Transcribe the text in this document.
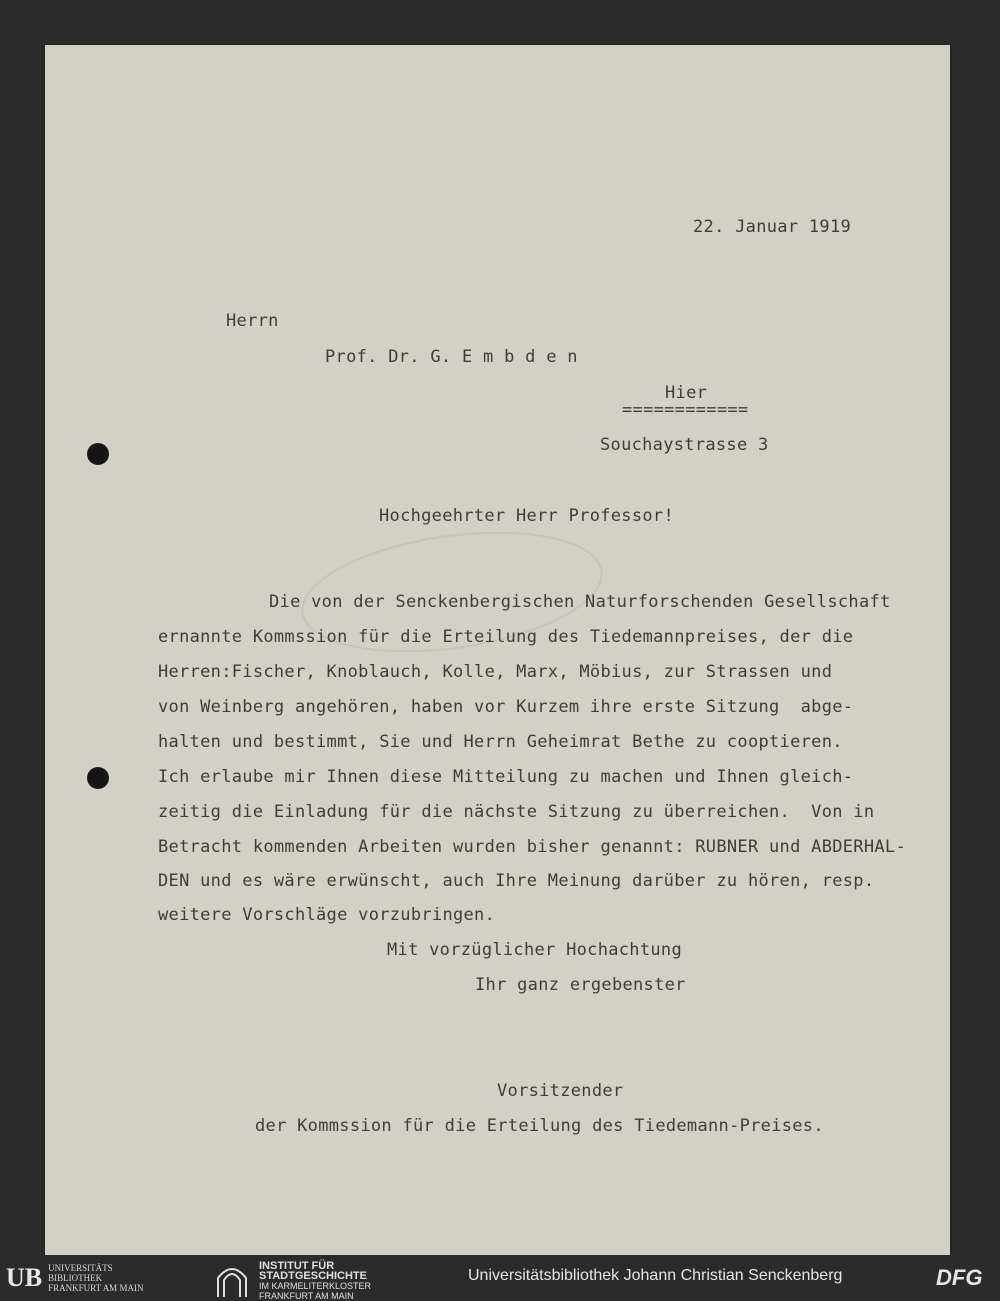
22. Januar 1919
Herrn
Prof. Dr. G. E m b d e n
Hier
============
Souchaystrasse 3
Hochgeehrter Herr Professor!
Die von der Senckenbergischen Naturforschenden Gesellschaft
ernannte Kommssion für die Erteilung des Tiedemannpreises, der die
Herren:Fischer, Knoblauch, Kolle, Marx, Möbius, zur Strassen und
von Weinberg angehören, haben vor Kurzem ihre erste Sitzung  abge-
halten und bestimmt, Sie und Herrn Geheimrat Bethe zu cooptieren.
Ich erlaube mir Ihnen diese Mitteilung zu machen und Ihnen gleich-
zeitig die Einladung für die nächste Sitzung zu überreichen.  Von in
Betracht kommenden Arbeiten wurden bisher genannt: RUBNER und ABDERHAL-
DEN und es wäre erwünscht, auch Ihre Meinung darüber zu hören, resp.
weitere Vorschläge vorzubringen.
Mit vorzüglicher Hochachtung
Ihr ganz ergebenster
Vorsitzender
der Kommssion für die Erteilung des Tiedemann-Preises.
UB UNIVERSITÄTS
BIBLIOTHEK
FRANKFURT AM MAIN
INSTITUT FÜR
STADTGESCHICHTE
IM KARMELITERKLOSTER
FRANKFURT AM MAIN
Universitätsbibliothek Johann Christian Senckenberg	DFG
